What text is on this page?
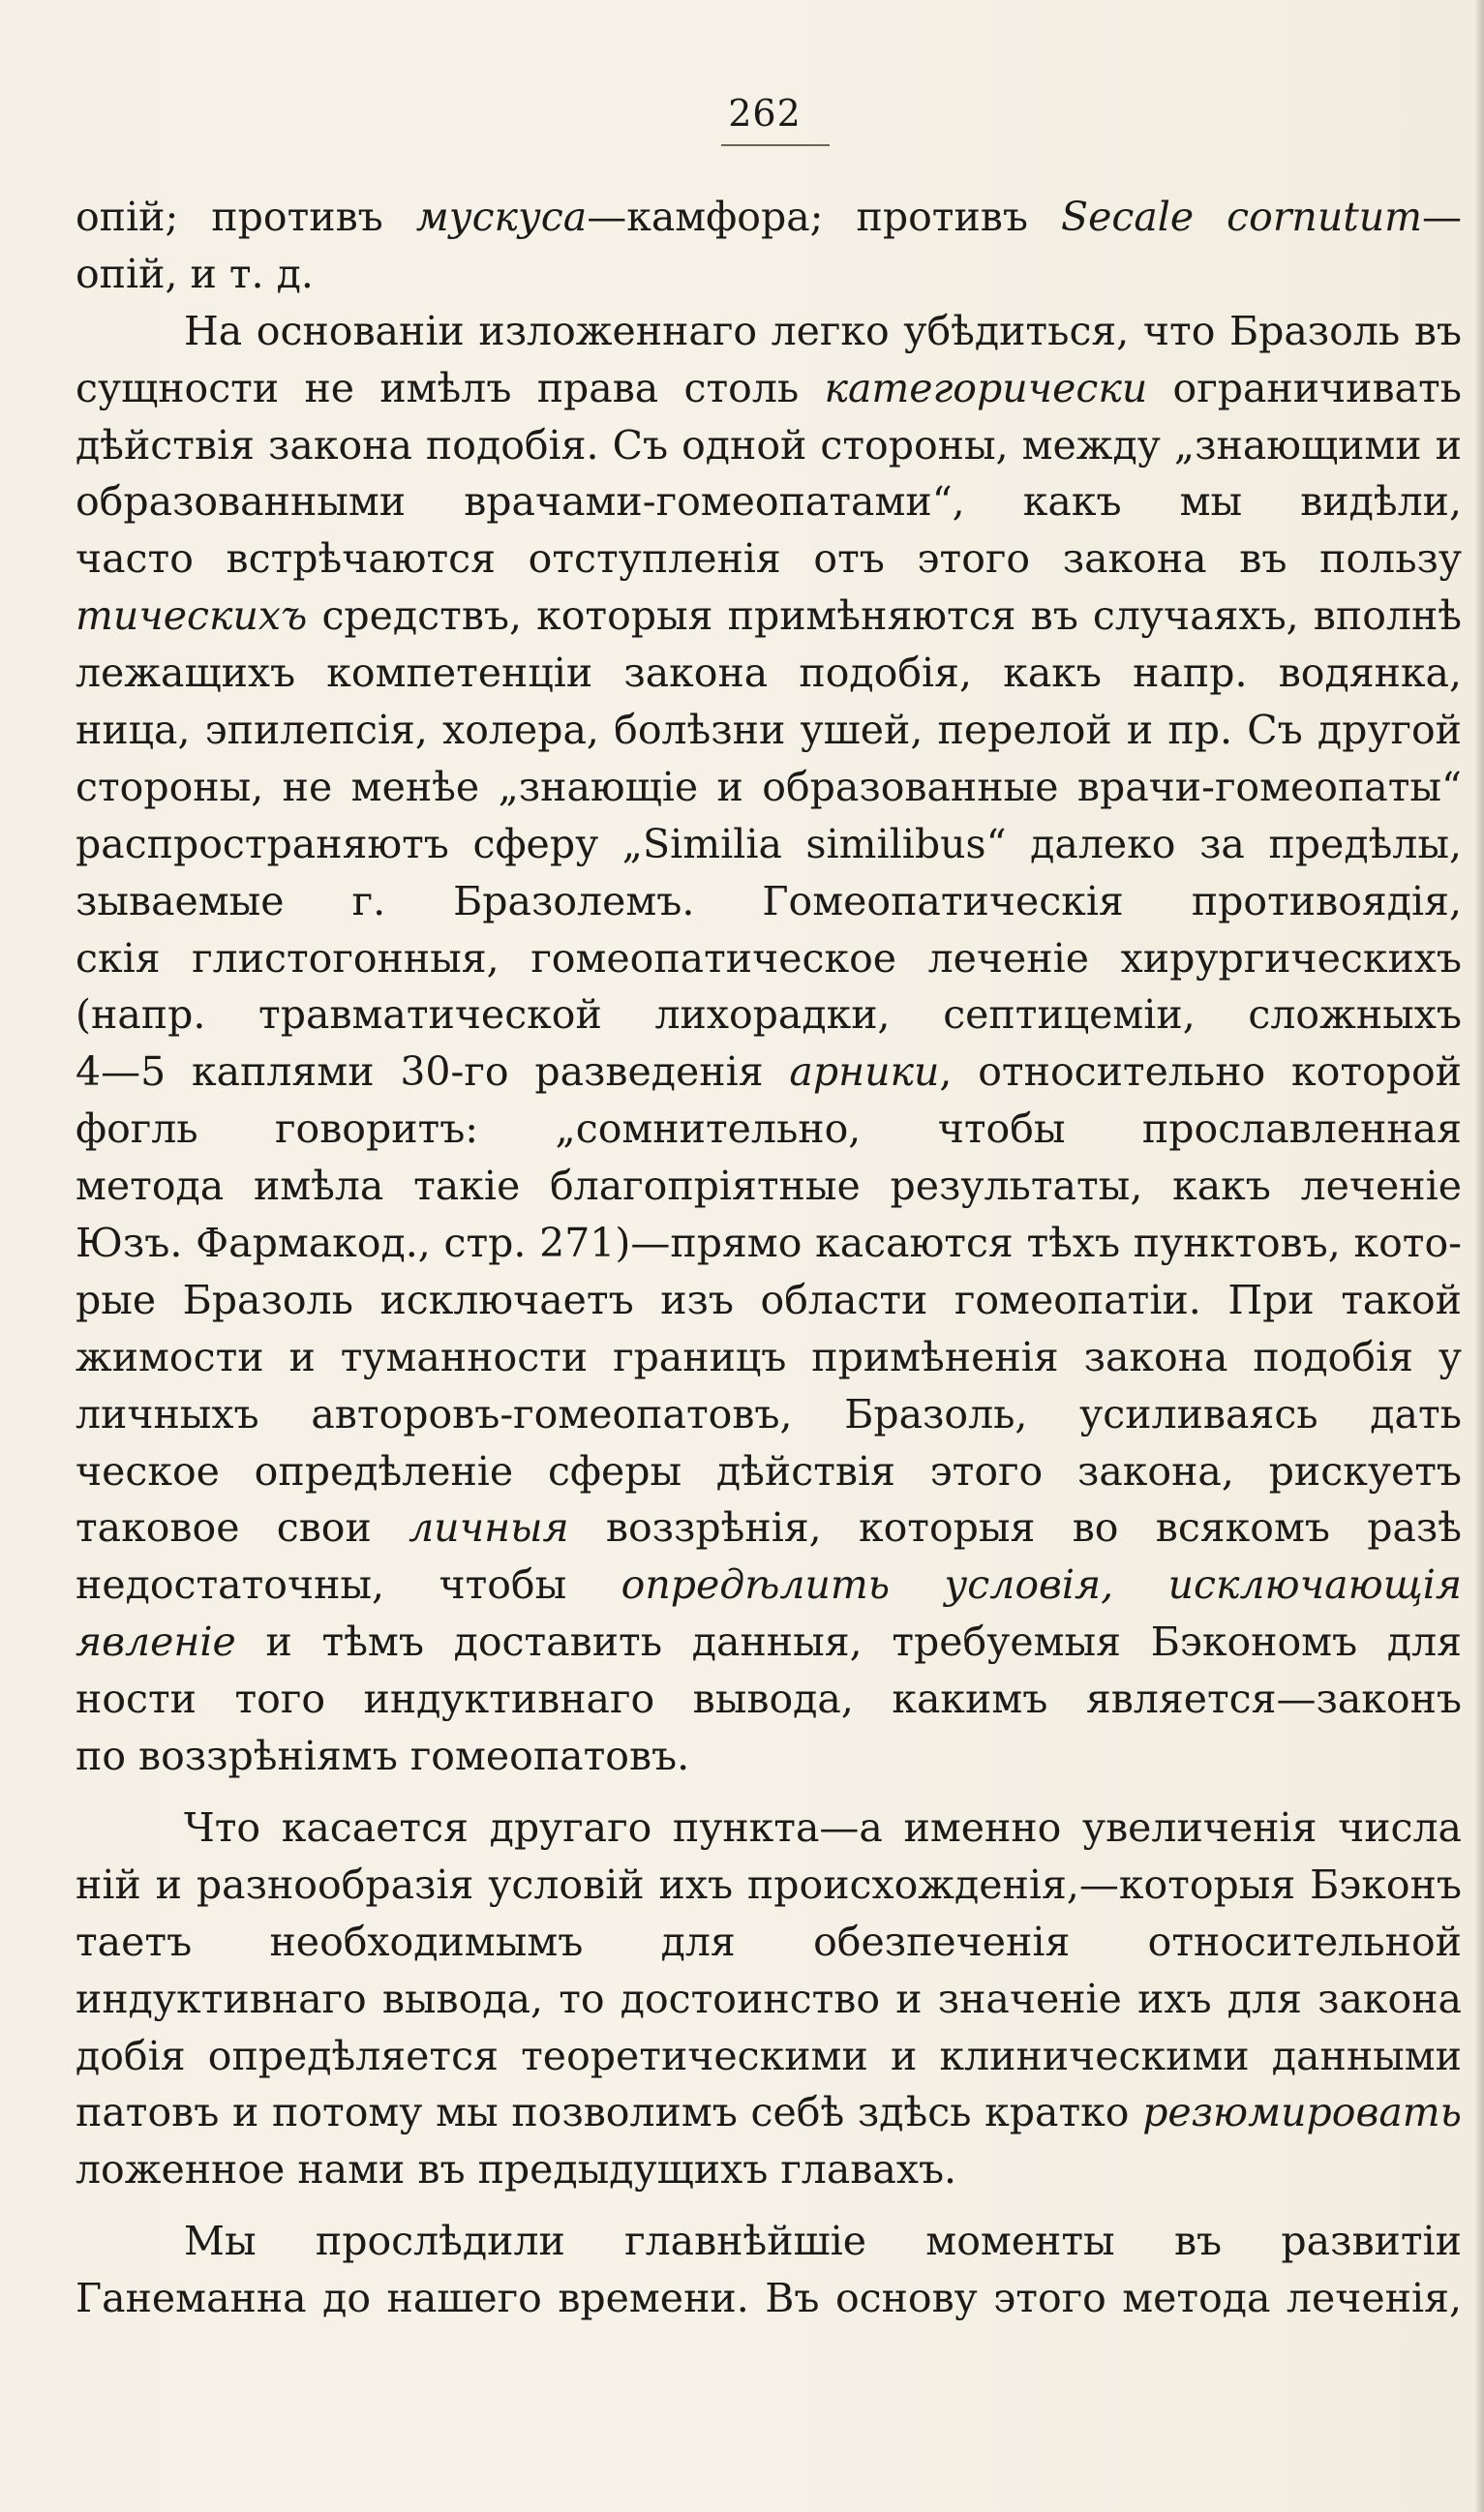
262
опій; противъ мускуса—камфора; противъ Secale cornutum—
опій, и т. д.
На основаніи изложеннаго легко убѣдиться, что Бразоль въ
сущности не имѣлъ права столь категорически ограничивать
дѣйствія закона подобія. Съ одной стороны, между „знающими и
образованными врачами-гомеопатами“, какъ мы видѣли,
часто встрѣчаются отступленія отъ этого закона въ пользу
тическихъ средствъ, которыя примѣняются въ случаяхъ, вполнѣ
лежащихъ компетенціи закона подобія, какъ напр. водянка,
ница, эпилепсія, холера, болѣзни ушей, перелой и пр. Съ другой
стороны, не менѣе „знающіе и образованные врачи-гомеопаты“
распространяютъ сферу „Similia similibus“ далеко за предѣлы,
зываемые г. Бразолемъ. Гомеопатическія противоядія,
скія глистогонныя, гомеопатическое леченіе хирургическихъ
(напр. травматической лихорадки, септицеміи, сложныхъ
4—5 каплями 30-го разведенія арники, относительно которой
фогль говоритъ: „сомнительно, чтобы прославленная
метода имѣла такіе благопріятные результаты, какъ леченіе
Юзъ. Фармакод., стр. 271)—прямо касаются тѣхъ пунктовъ, кото-
рые Бразоль исключаетъ изъ области гомеопатіи. При такой
жимости и туманности границъ примѣненія закона подобія у
личныхъ авторовъ-гомеопатовъ, Бразоль, усиливаясь дать
ческое опредѣленіе сферы дѣйствія этого закона, рискуетъ
таковое свои личныя воззрѣнія, которыя во всякомъ разѣ
недостаточны, чтобы опредѣлить условія, исключающія
явленіе и тѣмъ доставить данныя, требуемыя Бэкономъ для
ности того индуктивнаго вывода, какимъ является—законъ
по воззрѣніямъ гомеопатовъ.
Что касается другаго пункта—а именно увеличенія числа
ній и разнообразія условій ихъ происхожденія,—которыя Бэконъ
таетъ необходимымъ для обезпеченія относительной
индуктивнаго вывода, то достоинство и значеніе ихъ для закона
добія опредѣляется теоретическими и клиническими данными
патовъ и потому мы позволимъ себѣ здѣсь кратко резюмировать
ложенное нами въ предыдущихъ главахъ.
Мы прослѣдили главнѣйшіе моменты въ развитіи
Ганеманна до нашего времени. Въ основу этого метода леченія,
